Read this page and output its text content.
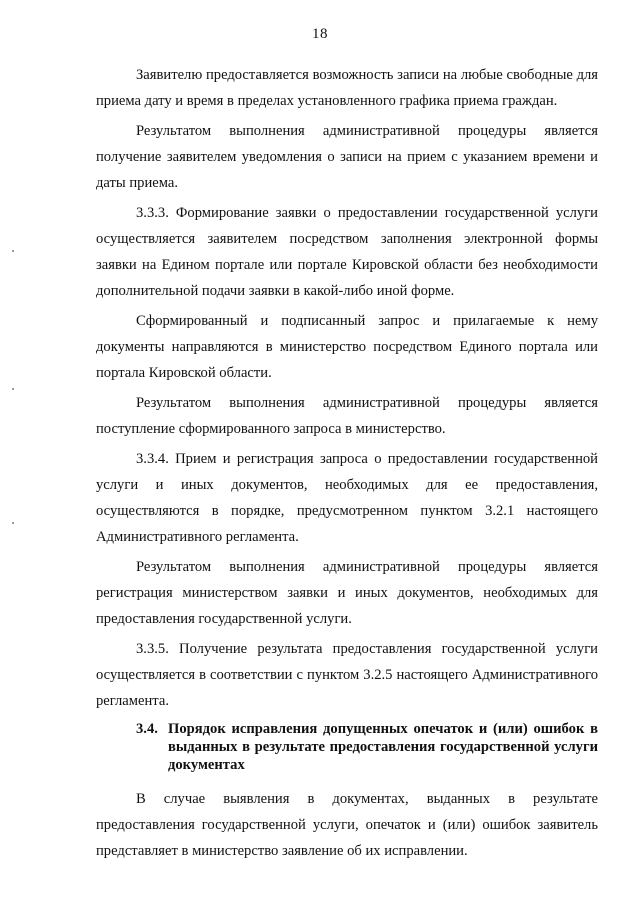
18

Заявителю предоставляется возможность записи на любые свободные для приема дату и время в пределах установленного графика приема граждан.

Результатом выполнения административной процедуры является получение заявителем уведомления о записи на прием с указанием времени и даты приема.

3.3.3. Формирование заявки о предоставлении государственной услуги осуществляется заявителем посредством заполнения электронной формы заявки на Едином портале или портале Кировской области без необходимости дополнительной подачи заявки в какой-либо иной форме.

Сформированный и подписанный запрос и прилагаемые к нему документы направляются в министерство посредством Единого портала или портала Кировской области.

Результатом выполнения административной процедуры является поступление сформированного запроса в министерство.

3.3.4. Прием и регистрация запроса о предоставлении государственной услуги и иных документов, необходимых для ее предоставления, осуществляются в порядке, предусмотренном пунктом 3.2.1 настоящего Административного регламента.

Результатом выполнения административной процедуры является регистрация министерством заявки и иных документов, необходимых для предоставления государственной услуги.

3.3.5. Получение результата предоставления государственной услуги осуществляется в соответствии с пунктом 3.2.5 настоящего Административного регламента.

3.4. Порядок исправления допущенных опечаток и (или) ошибок в выданных в результате предоставления государственной услуги документах

В случае выявления в документах, выданных в результате предоставления государственной услуги, опечаток и (или) ошибок заявитель представляет в министерство заявление об их исправлении.
